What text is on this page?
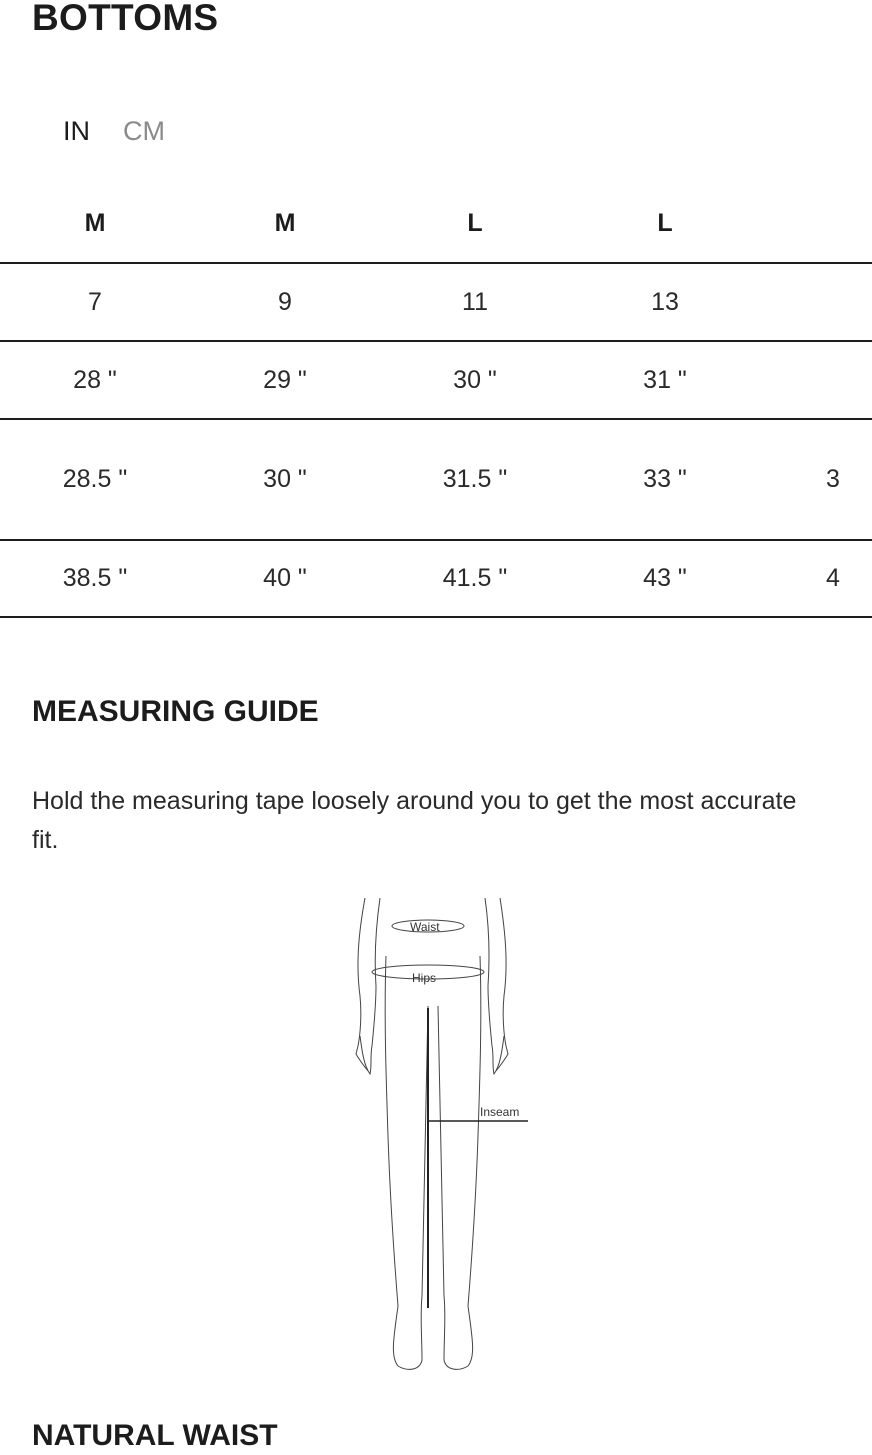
BOTTOMS
IN CM
M	M	L	L	
7	9	11	13	
28 "	29 "	30 "	31 "	
28.5 "	30 "	31.5 "	33 "	3
38.5 "	40 "	41.5 "	43 "	4
MEASURING GUIDE

Hold the measuring tape loosely around you to get the most accurate fit.

Waist
Hips
Inseam
NATURAL WAIST
